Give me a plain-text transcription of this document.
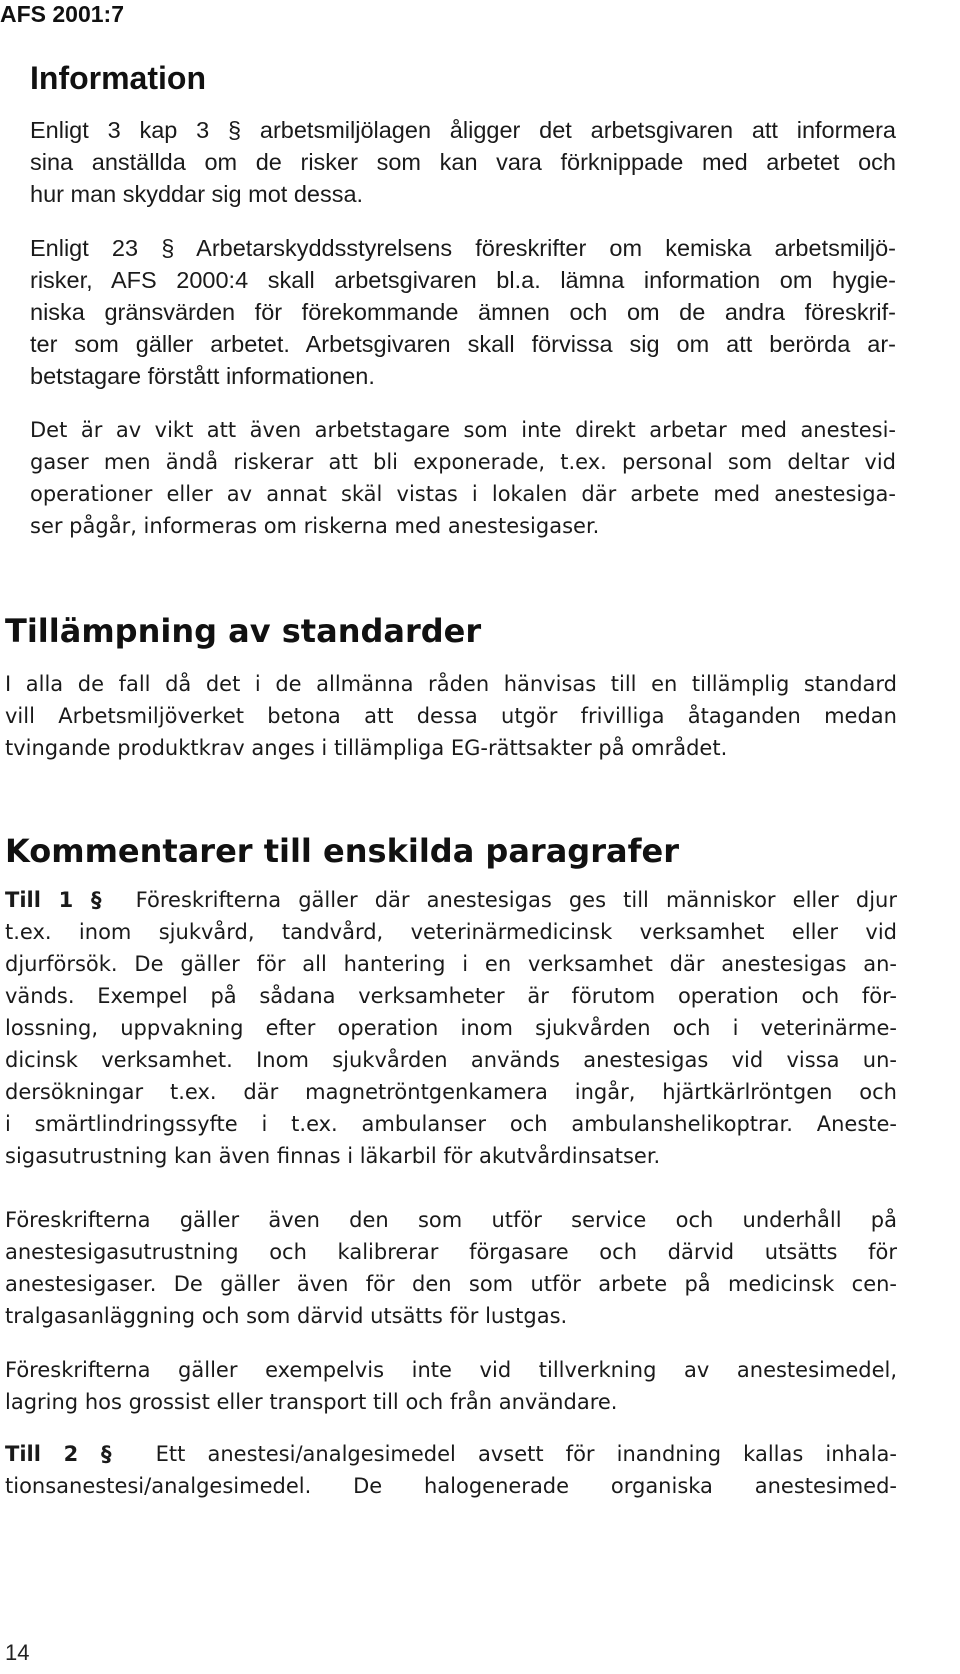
AFS 2001:7
Information
Enligt 3 kap 3 § arbetsmiljölagen åligger det arbetsgivaren att informera
sina anställda om de risker som kan vara förknippade med arbetet och
hur man skyddar sig mot dessa.
Enligt 23 § Arbetarskyddsstyrelsens föreskrifter om kemiska arbetsmiljö-
risker, AFS 2000:4 skall arbetsgivaren bl.a. lämna information om hygie-
niska gränsvärden för förekommande ämnen och om de andra föreskrif-
ter som gäller arbetet. Arbetsgivaren skall förvissa sig om att berörda ar-
betstagare förstått informationen.
Det är av vikt att även arbetstagare som inte direkt arbetar med anestesi-
gaser men ändå riskerar att bli exponerade, t.ex. personal som deltar vid
operationer eller av annat skäl vistas i lokalen där arbete med anestesiga-
ser pågår, informeras om riskerna med anestesigaser.
Tillämpning av standarder
I alla de fall då det i de allmänna råden hänvisas till en tillämplig standard
vill Arbetsmiljöverket betona att dessa utgör frivilliga åtaganden medan
tvingande produktkrav anges i tillämpliga EG-rättsakter på området.
Kommentarer till enskilda paragrafer
Till 1 § Föreskrifterna gäller där anestesigas ges till människor eller djur
t.ex. inom sjukvård, tandvård, veterinärmedicinsk verksamhet eller vid
djurförsök. De gäller för all hantering i en verksamhet där anestesigas an-
vänds. Exempel på sådana verksamheter är förutom operation och för-
lossning, uppvakning efter operation inom sjukvården och i veterinärme-
dicinsk verksamhet. Inom sjukvården används anestesigas vid vissa un-
dersökningar t.ex. där magnetröntgenkamera ingår, hjärtkärlröntgen och
i smärtlindringssyfte i t.ex. ambulanser och ambulanshelikoptrar. Aneste-
sigasutrustning kan även finnas i läkarbil för akutvårdinsatser.
Föreskrifterna gäller även den som utför service och underhåll på
anestesigasutrustning och kalibrerar förgasare och därvid utsätts för
anestesigaser. De gäller även för den som utför arbete på medicinsk cen-
tralgasanläggning och som därvid utsätts för lustgas.
Föreskrifterna gäller exempelvis inte vid tillverkning av anestesimedel,
lagring hos grossist eller transport till och från användare.
Till 2 § Ett anestesi/analgesimedel avsett för inandning kallas inhala-
tionsanestesi/analgesimedel. De halogenerade organiska anestesimed-
14
